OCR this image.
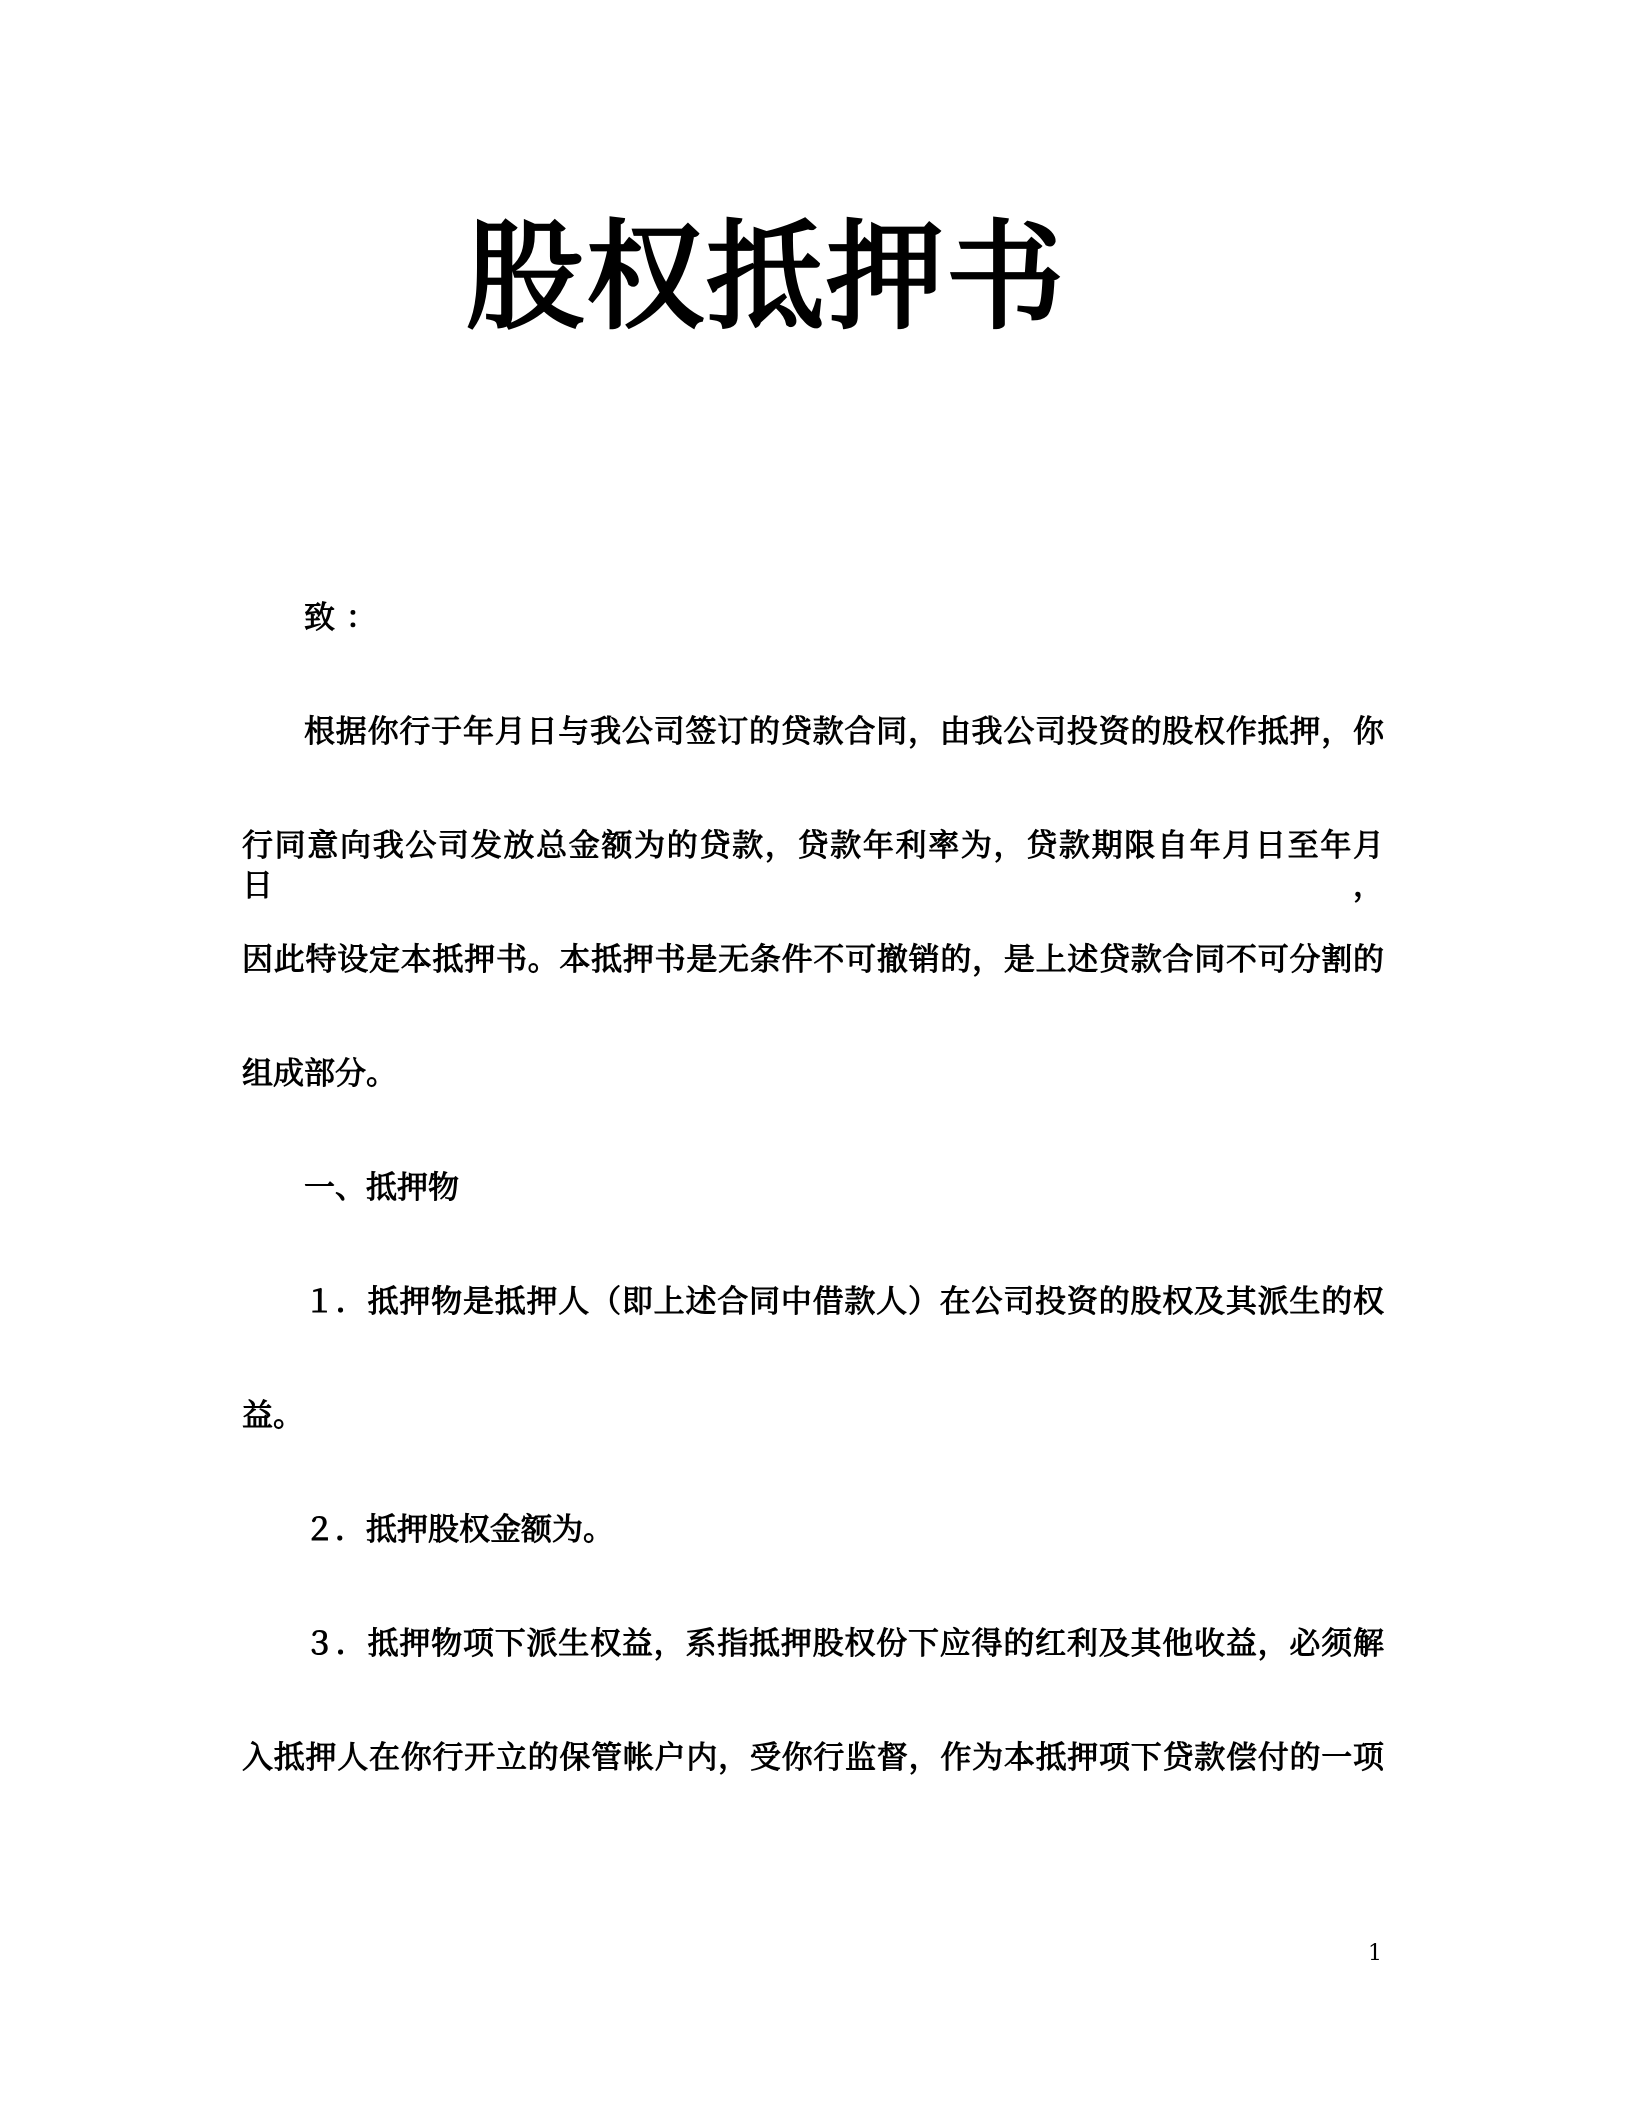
股权抵押书
致 ：
根据你行于年月日与我公司签订的贷款合同，由我公司投资的股权作抵押，你
行同意向我公司发放总金额为的贷款，贷款年利率为，贷款期限自年月日至年月日，
因此特设定本抵押书。本抵押书是无条件不可撤销的，是上述贷款合同不可分割的
组成部分。
一、抵押物
１．抵押物是抵押人（即上述合同中借款人）在公司投资的股权及其派生的权
益。
２．抵押股权金额为。
３．抵押物项下派生权益，系指抵押股权份下应得的红利及其他收益，必须解
入抵押人在你行开立的保管帐户内，受你行监督，作为本抵押项下贷款偿付的一项
1
